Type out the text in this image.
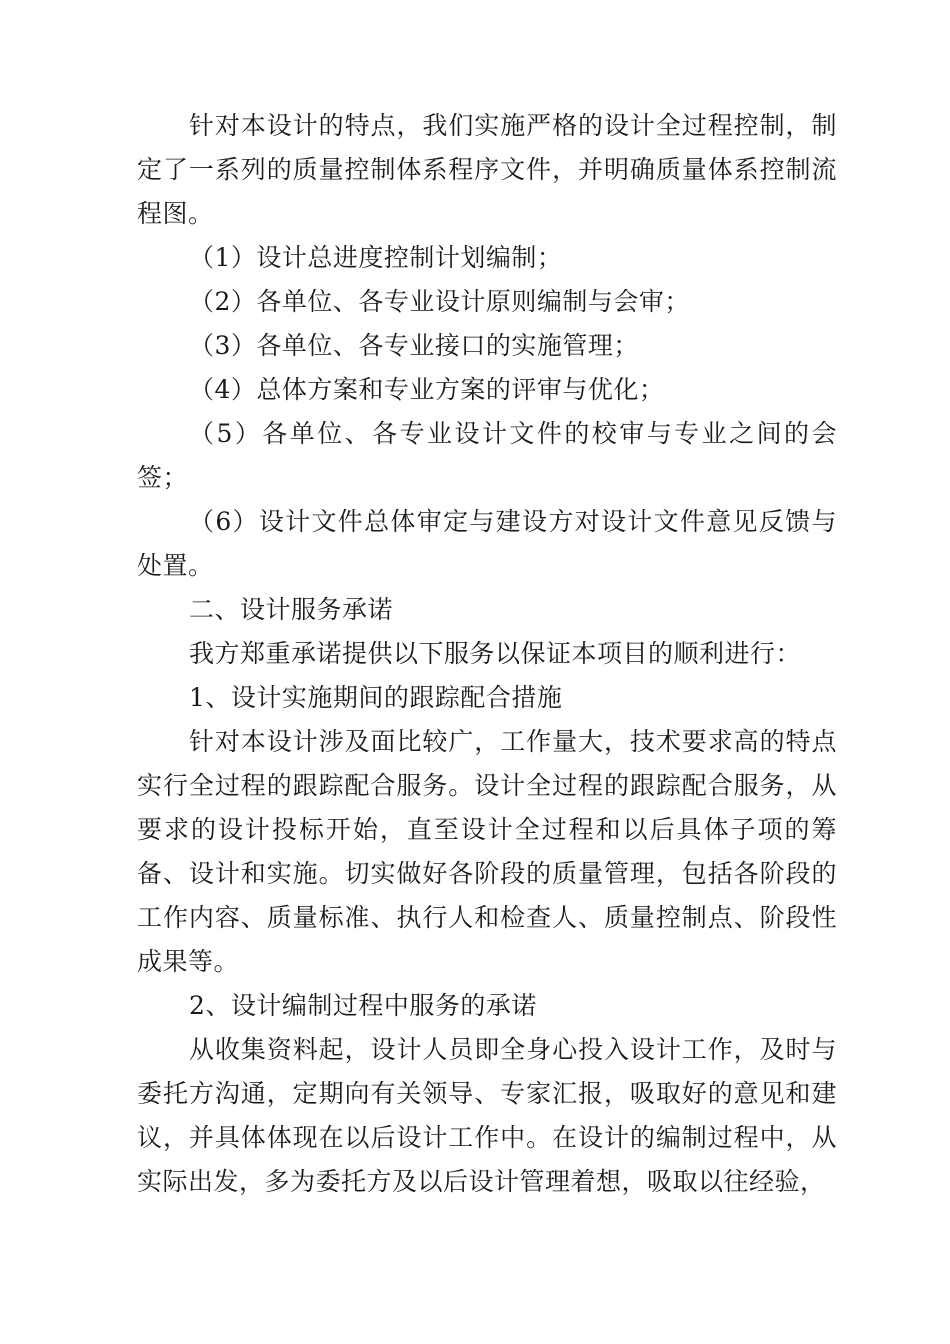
针对本设计的特点，我们实施严格的设计全过程控制，制定了一系列的质量控制体系程序文件，并明确质量体系控制流程图。

（1）设计总进度控制计划编制；

（2）各单位、各专业设计原则编制与会审；

（3）各单位、各专业接口的实施管理；

（4）总体方案和专业方案的评审与优化；

（5）各单位、各专业设计文件的校审与专业之间的会签；

（6）设计文件总体审定与建设方对设计文件意见反馈与处置。

二、设计服务承诺

我方郑重承诺提供以下服务以保证本项目的顺利进行：

1、设计实施期间的跟踪配合措施

针对本设计涉及面比较广，工作量大，技术要求高的特点实行全过程的跟踪配合服务。设计全过程的跟踪配合服务，从要求的设计投标开始，直至设计全过程和以后具体子项的筹备、设计和实施。切实做好各阶段的质量管理，包括各阶段的工作内容、质量标准、执行人和检查人、质量控制点、阶段性成果等。

2、设计编制过程中服务的承诺

从收集资料起，设计人员即全身心投入设计工作，及时与委托方沟通，定期向有关领导、专家汇报，吸取好的意见和建议，并具体体现在以后设计工作中。在设计的编制过程中，从实际出发，多为委托方及以后设计管理着想，吸取以往经验，
